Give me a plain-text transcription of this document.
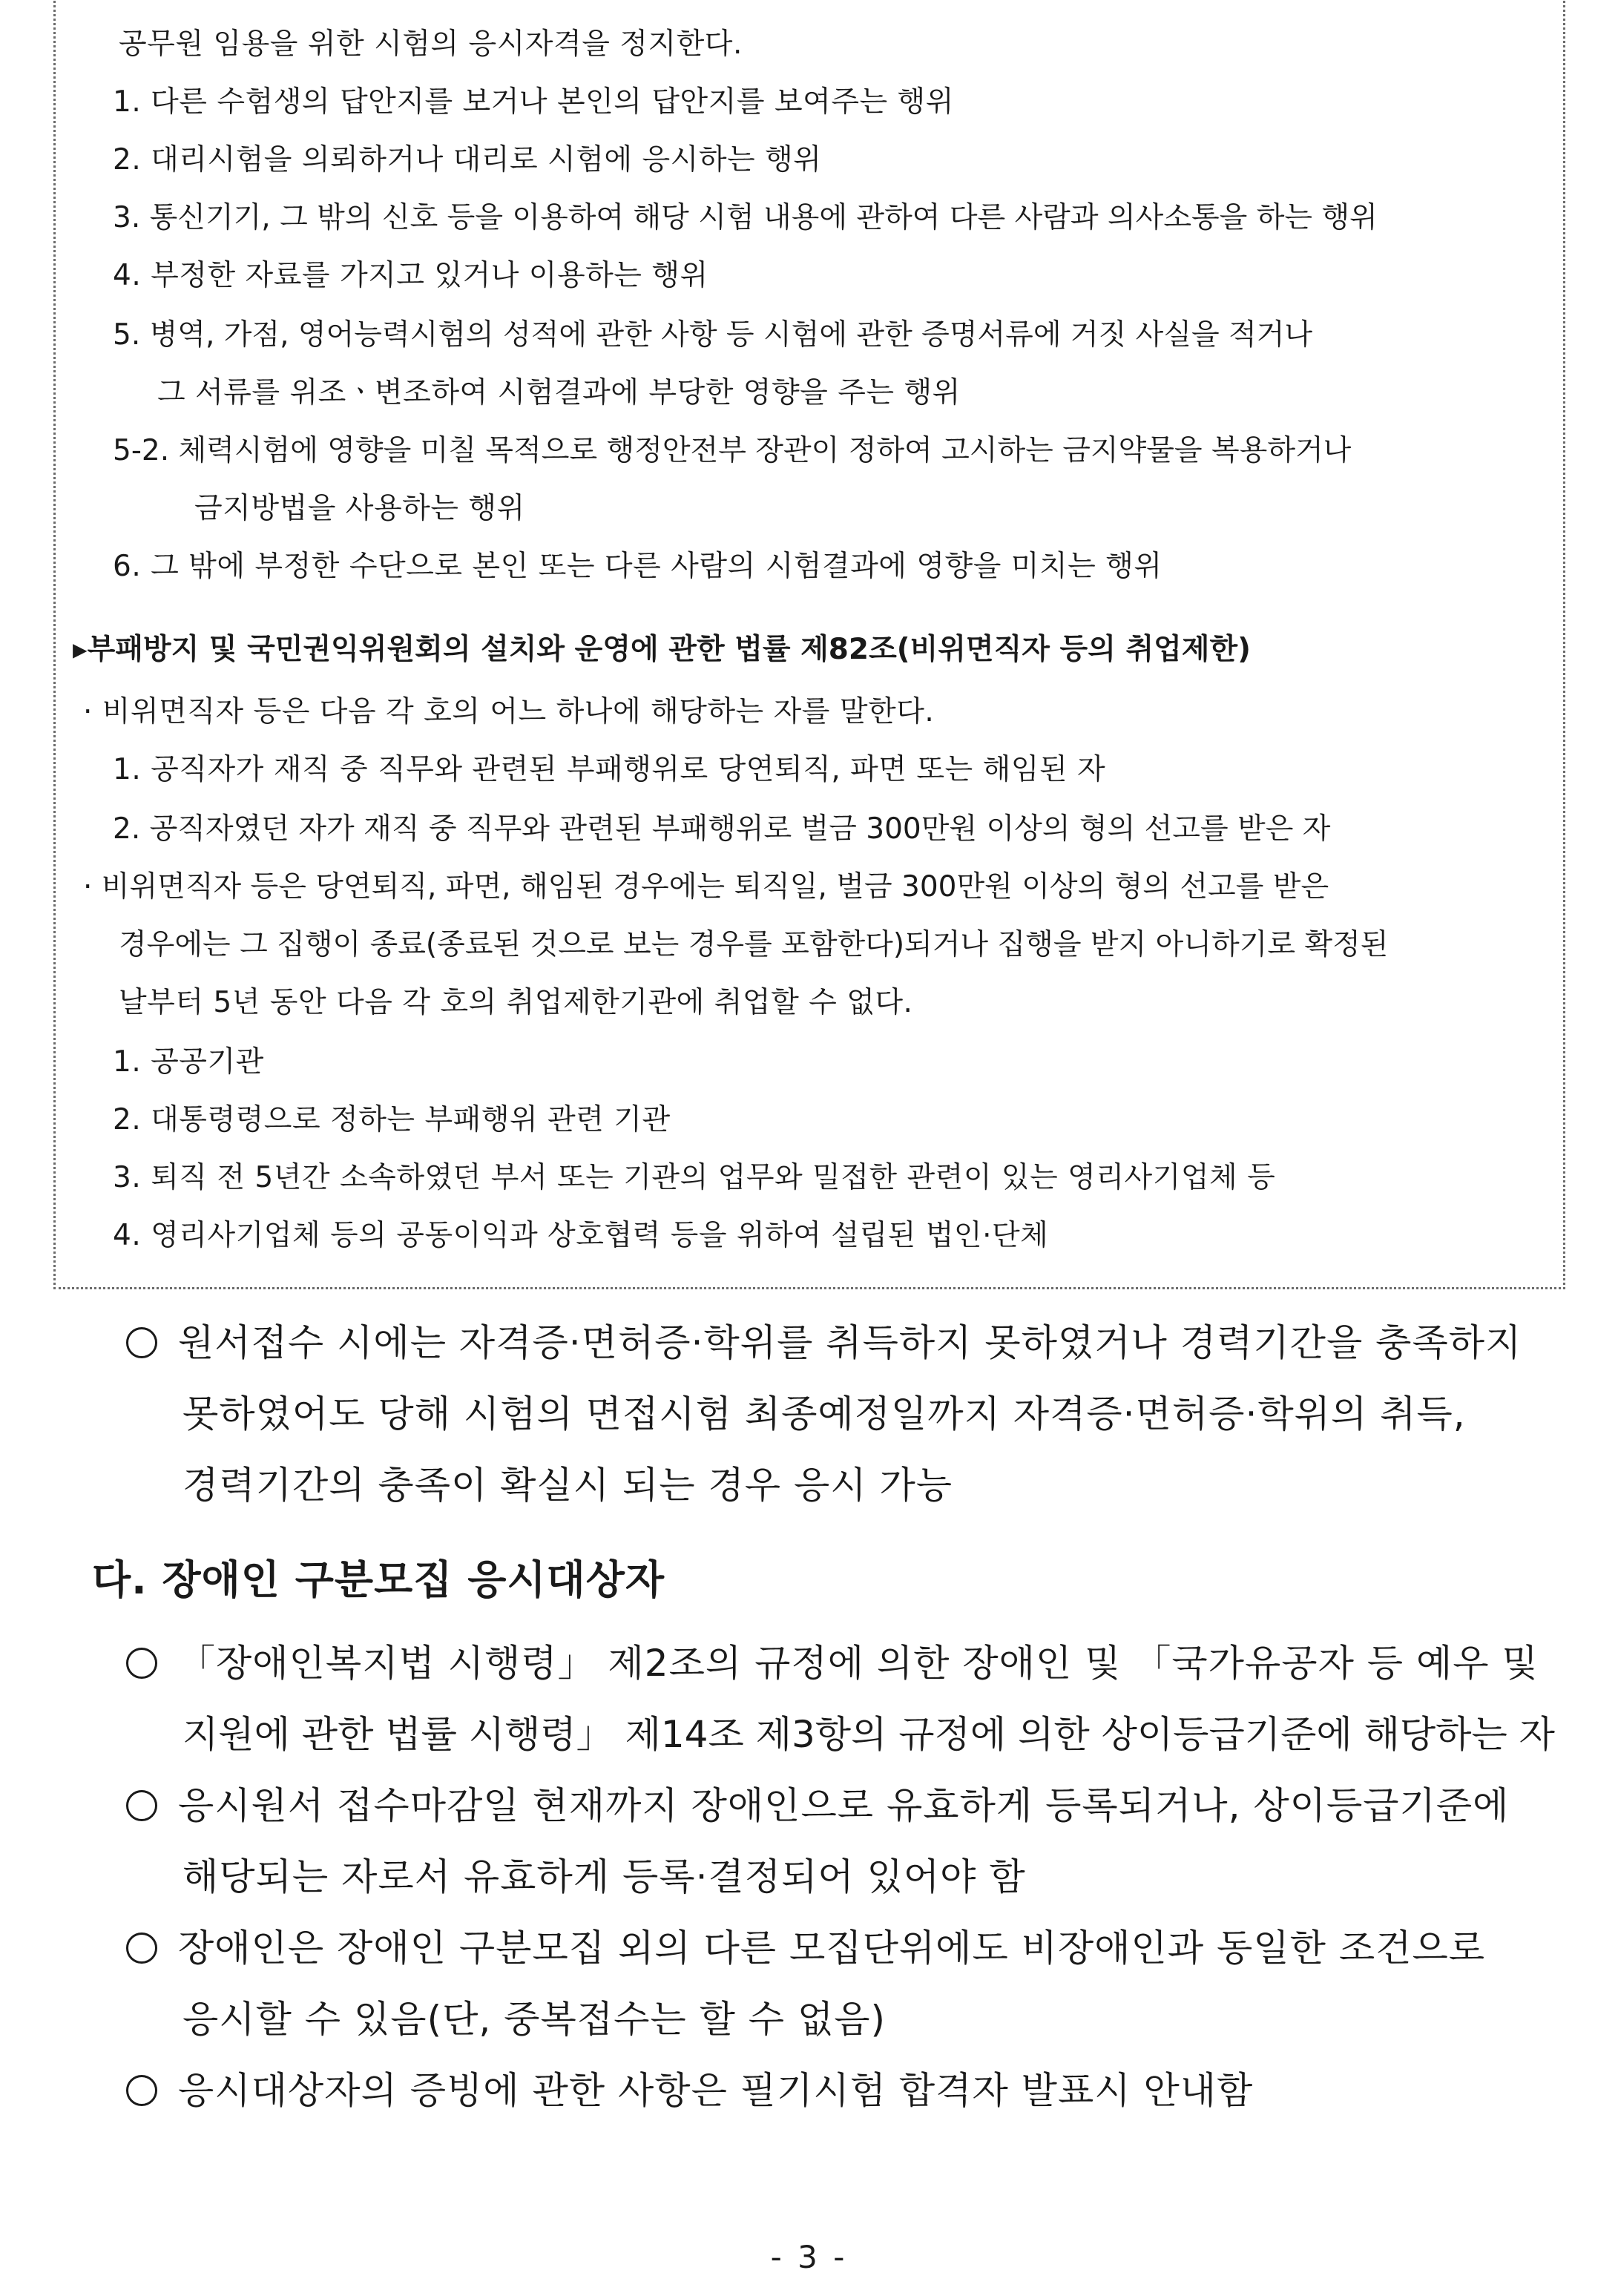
공무원 임용을 위한 시험의 응시자격을 정지한다.
1. 다른 수험생의 답안지를 보거나 본인의 답안지를 보여주는 행위
2. 대리시험을 의뢰하거나 대리로 시험에 응시하는 행위
3. 통신기기, 그 밖의 신호 등을 이용하여 해당 시험 내용에 관하여 다른 사람과 의사소통을 하는 행위
4. 부정한 자료를 가지고 있거나 이용하는 행위
5. 병역, 가점, 영어능력시험의 성적에 관한 사항 등 시험에 관한 증명서류에 거짓 사실을 적거나
그 서류를 위조ㆍ변조하여 시험결과에 부당한 영향을 주는 행위
5-2. 체력시험에 영향을 미칠 목적으로 행정안전부 장관이 정하여 고시하는 금지약물을 복용하거나
금지방법을 사용하는 행위
6. 그 밖에 부정한 수단으로 본인 또는 다른 사람의 시험결과에 영향을 미치는 행위
▸부패방지 및 국민권익위원회의 설치와 운영에 관한 법률 제82조(비위면직자 등의 취업제한)
· 비위면직자 등은 다음 각 호의 어느 하나에 해당하는 자를 말한다.
1. 공직자가 재직 중 직무와 관련된 부패행위로 당연퇴직, 파면 또는 해임된 자
2. 공직자였던 자가 재직 중 직무와 관련된 부패행위로 벌금 300만원 이상의 형의 선고를 받은 자
· 비위면직자 등은 당연퇴직, 파면, 해임된 경우에는 퇴직일, 벌금 300만원 이상의 형의 선고를 받은
경우에는 그 집행이 종료(종료된 것으로 보는 경우를 포함한다)되거나 집행을 받지 아니하기로 확정된
날부터 5년 동안 다음 각 호의 취업제한기관에 취업할 수 없다.
1. 공공기관
2. 대통령령으로 정하는 부패행위 관련 기관
3. 퇴직 전 5년간 소속하였던 부서 또는 기관의 업무와 밀접한 관련이 있는 영리사기업체 등
4. 영리사기업체 등의 공동이익과 상호협력 등을 위하여 설립된 법인·단체
원서접수 시에는 자격증·면허증·학위를 취득하지 못하였거나 경력기간을 충족하지
못하였어도 당해 시험의 면접시험 최종예정일까지 자격증·면허증·학위의 취득,
경력기간의 충족이 확실시 되는 경우 응시 가능
다. 장애인 구분모집 응시대상자
「장애인복지법 시행령」 제2조의 규정에 의한 장애인 및 「국가유공자 등 예우 및
지원에 관한 법률 시행령」 제14조 제3항의 규정에 의한 상이등급기준에 해당하는 자
응시원서 접수마감일 현재까지 장애인으로 유효하게 등록되거나, 상이등급기준에
해당되는 자로서 유효하게 등록·결정되어 있어야 함
장애인은 장애인 구분모집 외의 다른 모집단위에도 비장애인과 동일한 조건으로
응시할 수 있음(단, 중복접수는 할 수 없음)
응시대상자의 증빙에 관한 사항은 필기시험 합격자 발표시 안내함
- 3 -
